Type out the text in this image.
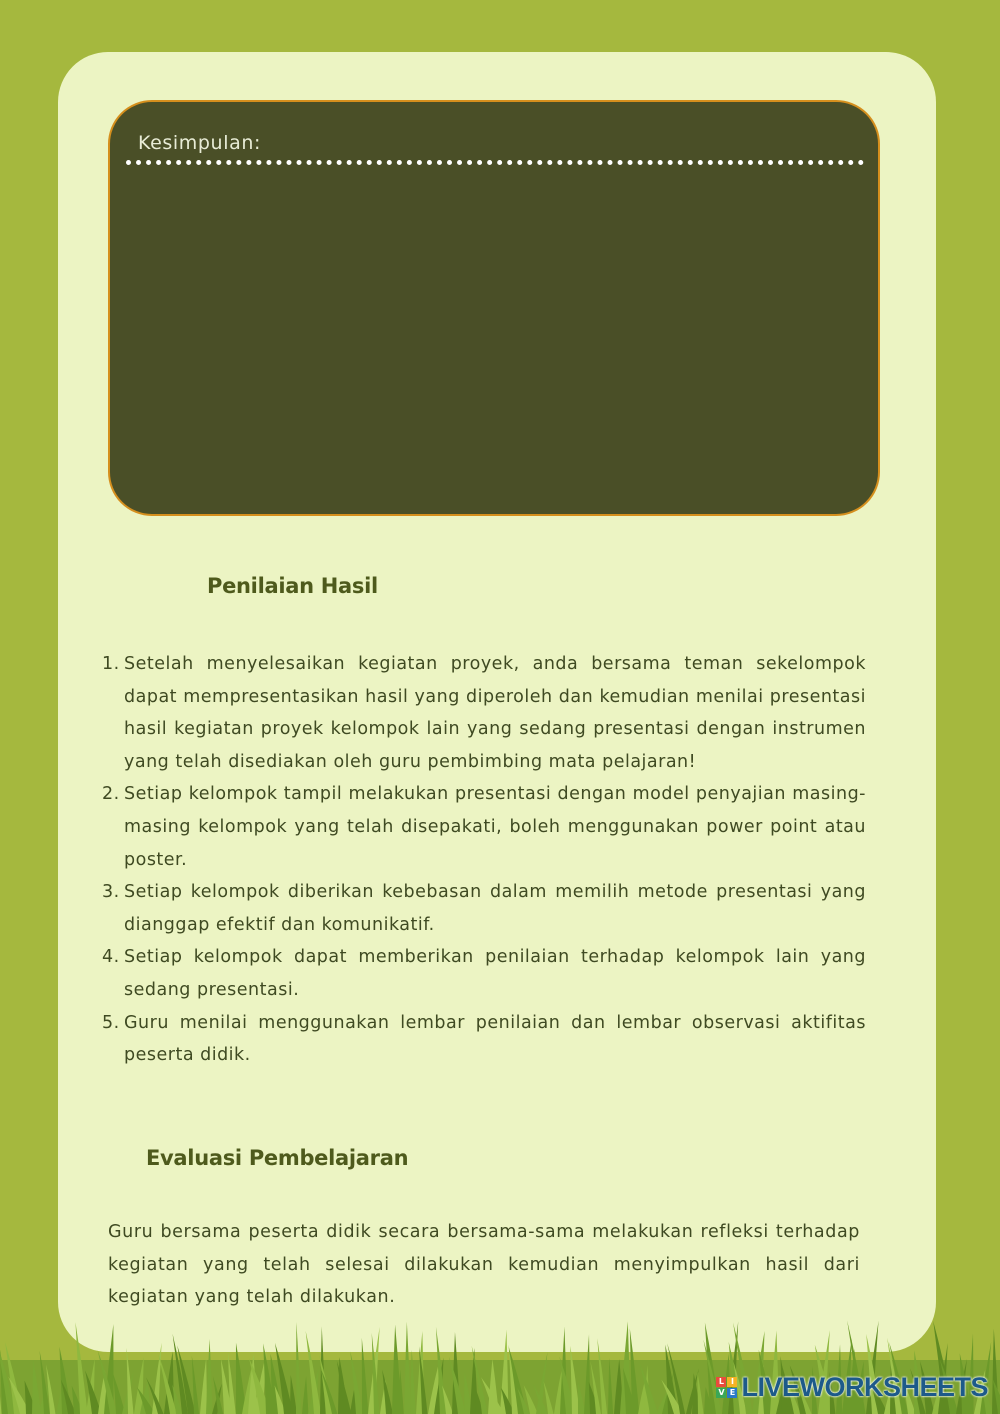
Kesimpulan:
Penilaian Hasil
1. Setelah menyelesaikan kegiatan proyek, anda bersama teman sekelompok dapat mempresentasikan hasil yang diperoleh dan kemudian menilai presentasi hasil kegiatan proyek kelompok lain yang sedang presentasi dengan instrumen yang telah disediakan oleh guru pembimbing mata pelajaran!
2. Setiap kelompok tampil melakukan presentasi dengan model penyajian masing-masing kelompok yang telah disepakati, boleh menggunakan power point atau poster.
3. Setiap kelompok diberikan kebebasan dalam memilih metode presentasi yang dianggap efektif dan komunikatif.
4. Setiap kelompok dapat memberikan penilaian terhadap kelompok lain yang sedang presentasi.
5. Guru menilai menggunakan lembar penilaian dan lembar observasi aktifitas peserta didik.
Evaluasi Pembelajaran

Guru bersama peserta didik secara bersama-sama melakukan refleksi terhadap kegiatan yang telah selesai dilakukan kemudian menyimpulkan hasil dari kegiatan yang telah dilakukan.

L I
V E LIVEWORKSHEETS
